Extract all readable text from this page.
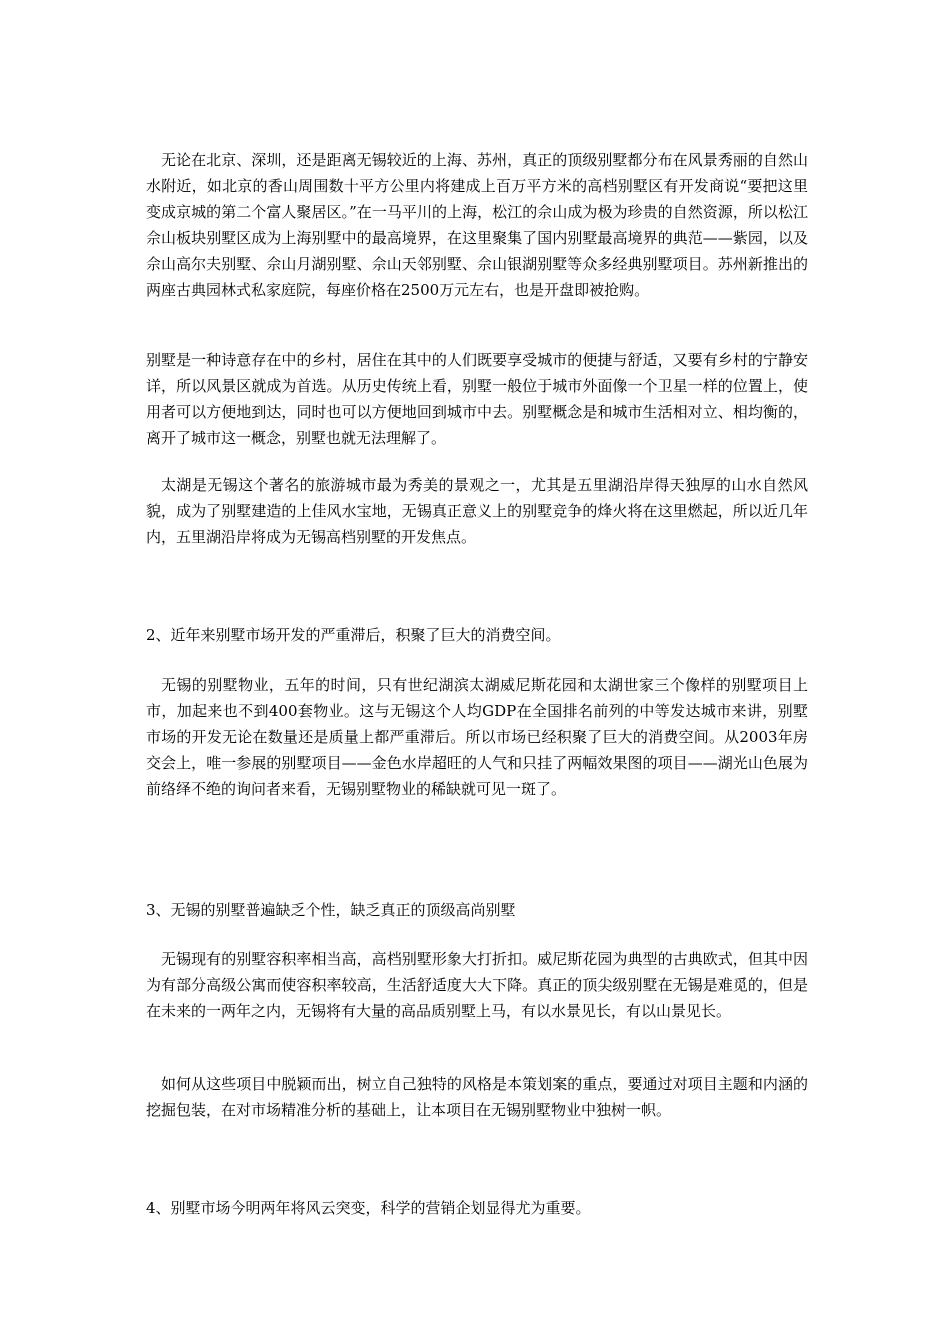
无论在北京、深圳，还是距离无锡较近的上海、苏州，真正的顶级别墅都分布在风景秀丽的自然山水附近，如北京的香山周围数十平方公里内将建成上百万平方米的高档别墅区有开发商说“要把这里变成京城的第二个富人聚居区。”在一马平川的上海，松江的佘山成为极为珍贵的自然资源，所以松江佘山板块别墅区成为上海别墅中的最高境界，在这里聚集了国内别墅最高境界的典范——紫园，以及佘山高尔夫别墅、佘山月湖别墅、佘山天邻别墅、佘山银湖别墅等众多经典别墅项目。苏州新推出的两座古典园林式私家庭院，每座价格在2500万元左右，也是开盘即被抢购。

别墅是一种诗意存在中的乡村，居住在其中的人们既要享受城市的便捷与舒适，又要有乡村的宁静安详，所以风景区就成为首选。从历史传统上看，别墅一般位于城市外面像一个卫星一样的位置上，使用者可以方便地到达，同时也可以方便地回到城市中去。别墅概念是和城市生活相对立、相均衡的，离开了城市这一概念，别墅也就无法理解了。

太湖是无锡这个著名的旅游城市最为秀美的景观之一，尤其是五里湖沿岸得天独厚的山水自然风貌，成为了别墅建造的上佳风水宝地，无锡真正意义上的别墅竞争的烽火将在这里燃起，所以近几年内，五里湖沿岸将成为无锡高档别墅的开发焦点。

2、近年来别墅市场开发的严重滞后，积聚了巨大的消费空间。

无锡的别墅物业，五年的时间，只有世纪湖滨太湖威尼斯花园和太湖世家三个像样的别墅项目上市，加起来也不到400套物业。这与无锡这个人均GDP在全国排名前列的中等发达城市来讲，别墅市场的开发无论在数量还是质量上都严重滞后。所以市场已经积聚了巨大的消费空间。从2003年房交会上，唯一参展的别墅项目——金色水岸超旺的人气和只挂了两幅效果图的项目——湖光山色展为前络绎不绝的询问者来看，无锡别墅物业的稀缺就可见一斑了。

3、无锡的别墅普遍缺乏个性，缺乏真正的顶级高尚别墅

无锡现有的别墅容积率相当高，高档别墅形象大打折扣。威尼斯花园为典型的古典欧式，但其中因为有部分高级公寓而使容积率较高，生活舒适度大大下降。真正的顶尖级别墅在无锡是难觅的，但是在未来的一两年之内，无锡将有大量的高品质别墅上马，有以水景见长，有以山景见长。

如何从这些项目中脱颖而出，树立自己独特的风格是本策划案的重点，要通过对项目主题和内涵的挖掘包装，在对市场精准分析的基础上，让本项目在无锡别墅物业中独树一帜。

4、别墅市场今明两年将风云突变，科学的营销企划显得尤为重要。
